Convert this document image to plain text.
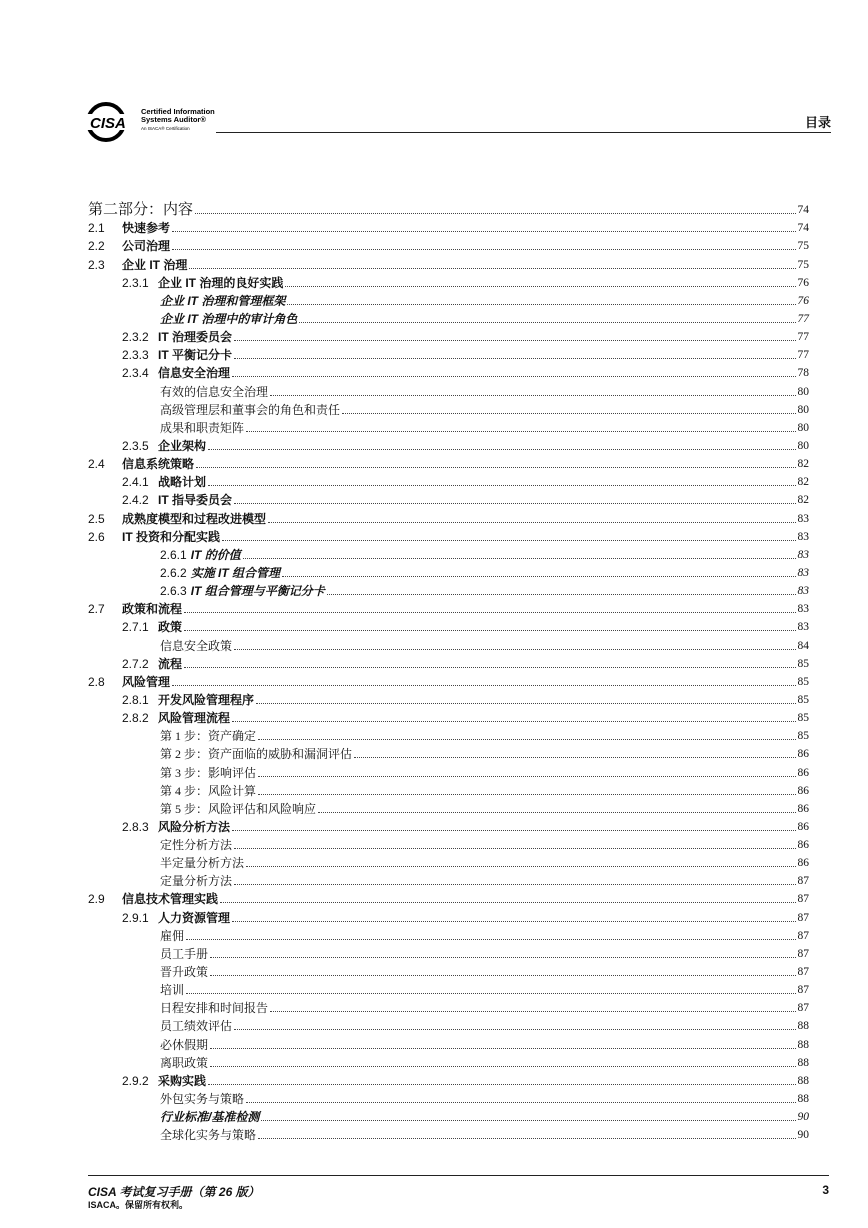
CISA
Certified Information
Systems Auditor®
An ISACA® Certification	目录
第二部分：内容	74
2.1	快速参考	74
2.2	公司治理	75
2.3	企业 IT 治理	75
2.3.1 企业 IT 治理的良好实践	76
企业 IT 治理和管理框架	76
企业 IT 治理中的审计角色	77
2.3.2 IT 治理委员会	77
2.3.3 IT 平衡记分卡	77
2.3.4 信息安全治理	78
有效的信息安全治理	80
高级管理层和董事会的角色和责任	80
成果和职责矩阵	80
2.3.5 企业架构	80
2.4	信息系统策略	82
2.4.1 战略计划	82
2.4.2 IT 指导委员会	82
2.5	成熟度模型和过程改进模型	83
2.6	IT 投资和分配实践	83
2.6.1 IT 的价值	83
2.6.2 实施 IT 组合管理	83
2.6.3 IT 组合管理与平衡记分卡	83
2.7	政策和流程	83
2.7.1 政策	83
信息安全政策	84
2.7.2 流程	85
2.8	风险管理	85
2.8.1 开发风险管理程序	85
2.8.2 风险管理流程	85
第 1 步：资产确定	85
第 2 步：资产面临的威胁和漏洞评估	86
第 3 步：影响评估	86
第 4 步：风险计算	86
第 5 步：风险评估和风险响应	86
2.8.3 风险分析方法	86
定性分析方法	86
半定量分析方法	86
定量分析方法	87
2.9	信息技术管理实践	87
2.9.1 人力资源管理	87
雇佣	87
员工手册	87
晋升政策	87
培训	87
日程安排和时间报告	87
员工绩效评估	88
必休假期	88
离职政策	88
2.9.2 采购实践	88
外包实务与策略	88
行业标准/基准检测	90
全球化实务与策略	90
CISA 考试复习手册（第 26 版）
ISACA。保留所有权利。
3
